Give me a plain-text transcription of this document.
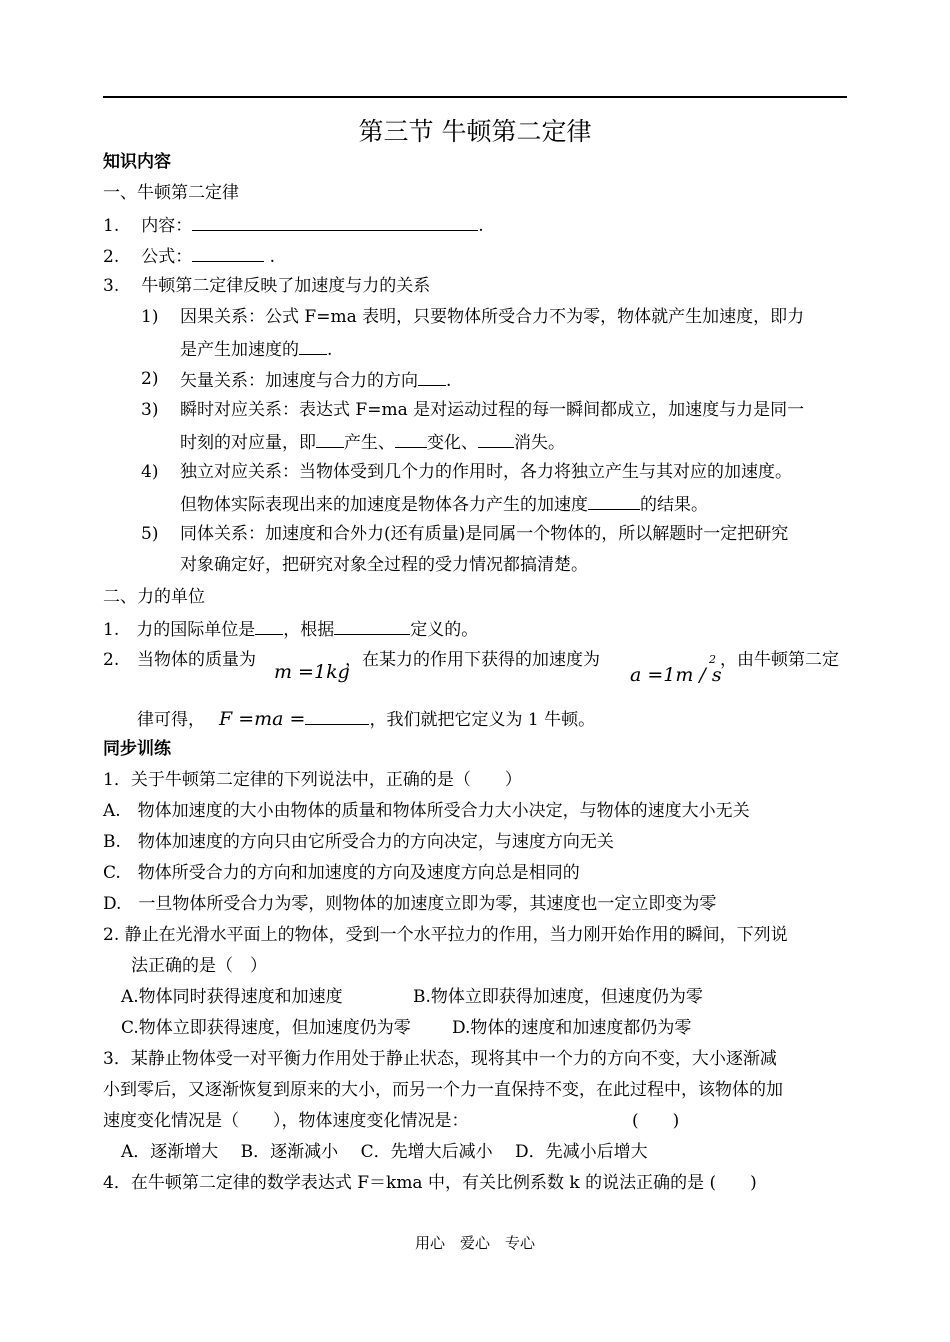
第三节 牛顿第二定律
知识内容
一、牛顿第二定律
1. 内容：	.
2. 公式：	.
3. 牛顿第二定律反映了加速度与力的关系
1) 因果关系：公式 F=ma 表明，只要物体所受合力不为零，物体就产生加速度，即力
是产生加速度的 .
2) 矢量关系：加速度与合力的方向 .
3) 瞬时对应关系：表达式 F=ma 是对运动过程的每一瞬间都成立，加速度与力是同一
时刻的对应量，即 产生、 变化、 消失。
4) 独立对应关系：当物体受到几个力的作用时，各力将独立产生与其对应的加速度。
但物体实际表现出来的加速度是物体各力产生的加速度	的结果。
5) 同体关系：加速度和合外力(还有质量)是同属一个物体的，所以解题时一定把研究
对象确定好，把研究对象全过程的受力情况都搞清楚。
二、力的单位
1. 力的国际单位是 ，根据	定义的。
2. 当物体的质量为
m =1kg
，在某力的作用下获得的加速度为
a =1m / s
2 ，由牛顿第二定
律可得， F =ma =	，我们就把它定义为 1 牛顿。
同步训练
1．关于牛顿第二定律的下列说法中，正确的是（　　）
A.　物体加速度的大小由物体的质量和物体所受合力大小决定，与物体的速度大小无关
B.　物体加速度的方向只由它所受合力的方向决定，与速度方向无关
C.　物体所受合力的方向和加速度的方向及速度方向总是相同的
D.　一旦物体所受合力为零，则物体的加速度立即为零，其速度也一定立即变为零
2. 静止在光滑水平面上的物体，受到一个水平拉力的作用，当力刚开始作用的瞬间，下列说
法正确的是（　）
A.物体同时获得速度和加速度	B.物体立即获得加速度，但速度仍为零
C.物体立即获得速度，但加速度仍为零 D.物体的速度和加速度都仍为零
3．某静止物体受一对平衡力作用处于静止状态，现将其中一个力的方向不变，大小逐渐减
小到零后，又逐渐恢复到原来的大小，而另一个力一直保持不变，在此过程中，该物体的加
速度变化情况是（　　），物体速度变化情况是：	(　　)
A．逐渐增大　 B．逐渐减小　 C．先增大后减小　 D．先减小后增大
4．在牛顿第二定律的数学表达式 F＝kma 中，有关比例系数 k 的说法正确的是 (　　)
用心　爱心　专心
